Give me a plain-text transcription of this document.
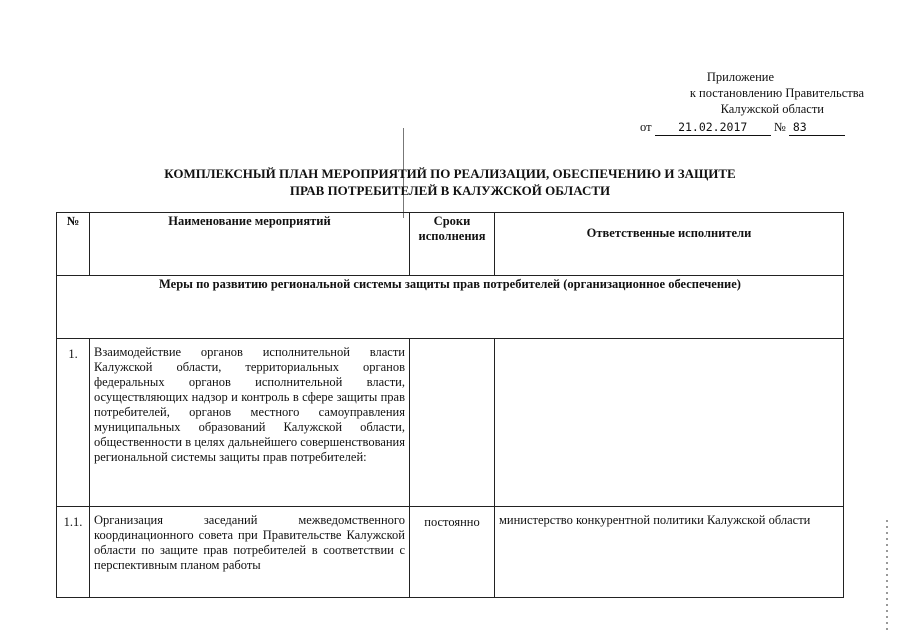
Приложение
к постановлению Правительства
Калужской области
от 21.02.2017 № 83
КОМПЛЕКСНЫЙ ПЛАН МЕРОПРИЯТИЙ ПО РЕАЛИЗАЦИИ, ОБЕСПЕЧЕНИЮ И ЗАЩИТЕ
ПРАВ ПОТРЕБИТЕЛЕЙ В КАЛУЖСКОЙ ОБЛАСТИ
№	Наименование мероприятий	Сроки исполнения	Ответственные исполнители
Меры по развитию региональной системы защиты прав потребителей (организационное обеспечение)			
1.	Взаимодействие органов исполнительной власти Калужской области, территориальных органов федеральных органов исполнительной власти, осуществляющих надзор и контроль в сфере защиты прав потребителей, органов местного самоуправления муниципальных образований Калужской области, общественности в целях дальнейшего совершенствования региональной системы защиты прав потребителей:		
1.1.	Организация заседаний межведомственного координационного совета при Правительстве Калужской области по защите прав потребителей в соответствии с перспективным планом работы	постоянно	министерство конкурентной политики Калужской области
